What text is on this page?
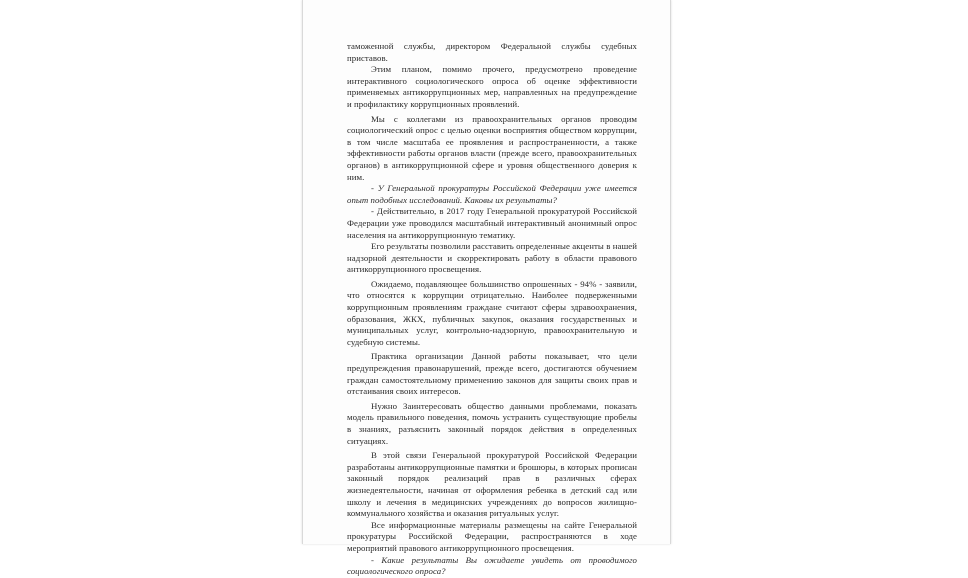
таможенной службы, директором Федеральной службы судебных приставов.

Этим планом, помимо прочего, предусмотрено проведение интерактивного социологического опроса об оценке эффективности применяемых антикоррупционных мер, направленных на предупреждение и профилактику коррупционных проявлений.

Мы с коллегами из правоохранительных органов проводим социологический опрос с целью оценки восприятия обществом коррупции, в том числе масштаба ее проявления и распространенности, а также эффективности работы органов власти (прежде всего, правоохранительных органов) в антикоррупционной сфере и уровня общественного доверия к ним.

- У Генеральной прокуратуры Российской Федерации уже имеется опыт подобных исследований. Каковы их результаты?

- Действительно, в 2017 году Генеральной прокуратурой Российской Федерации уже проводился масштабный интерактивный анонимный опрос населения на антикоррупционную тематику.

Его результаты позволили расставить определенные акценты в нашей надзорной деятельности и скорректировать работу в области правового антикоррупционного просвещения.

Ожидаемо, подавляющее большинство опрошенных - 94% - заявили, что относятся к коррупции отрицательно. Наиболее подверженными коррупционным проявлениям граждане считают сферы здравоохранения, образования, ЖКХ, публичных закупок, оказания государственных и муниципальных услуг, контрольно-надзорную, правоохранительную и судебную системы.

Практика организации Данной работы показывает, что цели предупреждения правонарушений, прежде всего, достигаются обучением граждан самостоятельному применению законов для защиты своих прав и отстаивания своих интересов.

Нужно Заинтересовать общество данными проблемами, показать модель правильного поведения, помочь устранить существующие пробелы в знаниях, разъяснить законный порядок действия в определенных ситуациях.

В этой связи Генеральной прокуратурой Российской Федерации разработаны антикоррупционные памятки и брошюры, в которых прописан законный порядок реализаций прав в различных сферах жизнедеятельности, начиная от оформления ребенка в детский сад или школу и лечения в медицинских учреждениях до вопросов жилищно-коммунального хозяйства и оказания ритуальных услуг.

Все информационные материалы размещены на сайте Генеральной прокуратуры Российской Федерации, распространяются в ходе мероприятий правового антикоррупционного просвещения.

- Какие результаты Вы ожидаете увидеть от проводимого социологического опроса?
